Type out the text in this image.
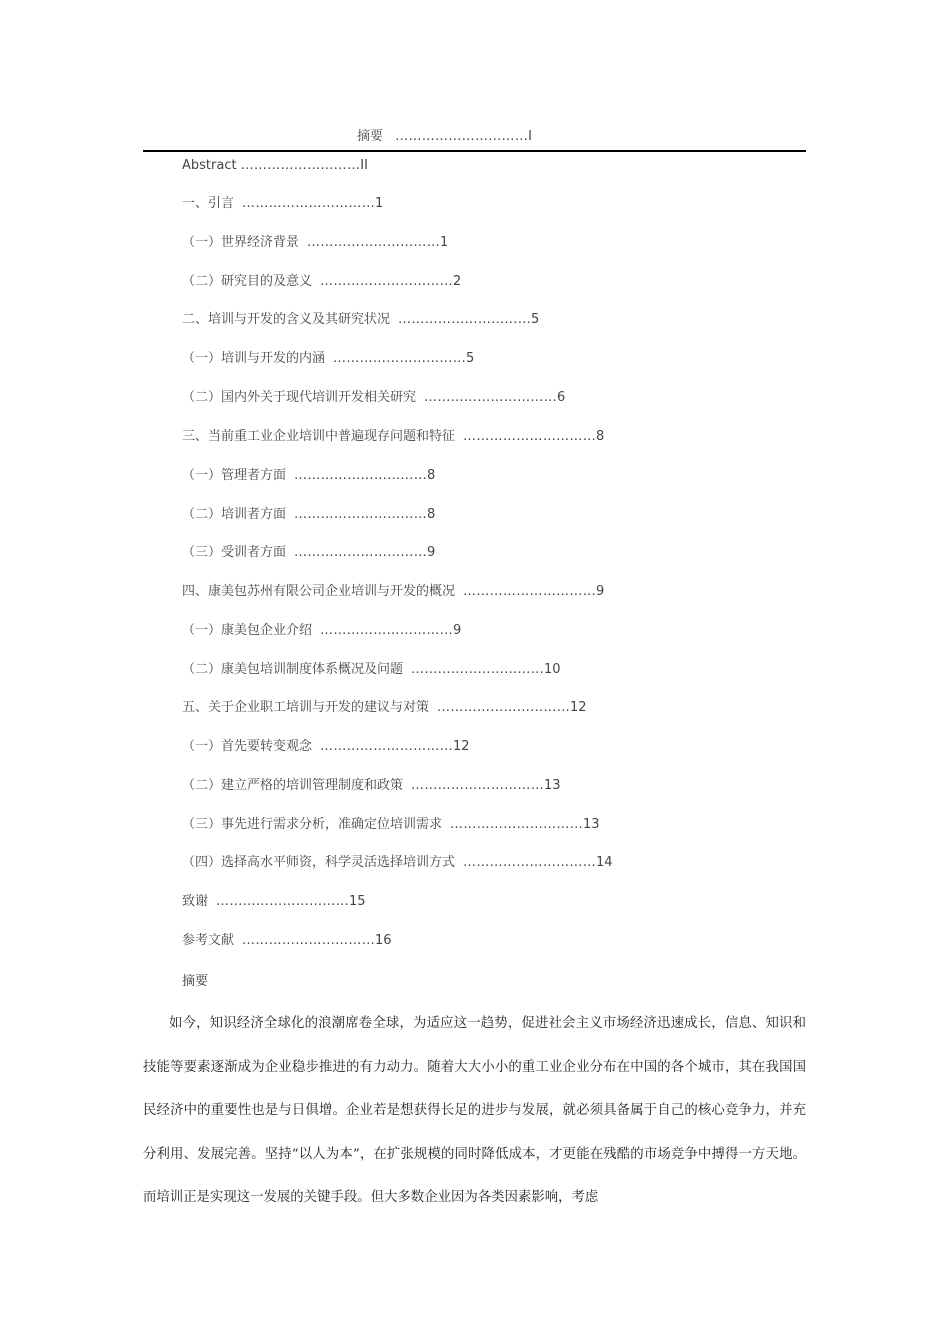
摘要 …………………………I
Abstract ………………………II
一、引言 …………………………1
（一）世界经济背景 …………………………1
（二）研究目的及意义 …………………………2
二、培训与开发的含义及其研究状况 …………………………5
（一）培训与开发的内涵 …………………………5
（二）国内外关于现代培训开发相关研究 …………………………6
三、当前重工业企业培训中普遍现存问题和特征 …………………………8
（一）管理者方面 …………………………8
（二）培训者方面 …………………………8
（三）受训者方面 …………………………9
四、康美包苏州有限公司企业培训与开发的概况 …………………………9
（一）康美包企业介绍 …………………………9
（二）康美包培训制度体系概况及问题 …………………………10
五、关于企业职工培训与开发的建议与对策 …………………………12
（一）首先要转变观念 …………………………12
（二）建立严格的培训管理制度和政策 …………………………13
（三）事先进行需求分析，准确定位培训需求 …………………………13
（四）选择高水平师资，科学灵活选择培训方式 …………………………14
致谢 …………………………15
参考文献 …………………………16
摘要

如今，知识经济全球化的浪潮席卷全球，为适应这一趋势，促进社会主义市场经济迅速成长，信息、知识和技能等要素逐渐成为企业稳步推进的有力动力。随着大大小小的重工业企业分布在中国的各个城市，其在我国国民经济中的重要性也是与日俱增。企业若是想获得长足的进步与发展，就必须具备属于自己的核心竞争力，并充分利用、发展完善。坚持“以人为本”，在扩张规模的同时降低成本，才更能在残酷的市场竞争中搏得一方天地。而培训正是实现这一发展的关键手段。但大多数企业因为各类因素影响，考虑
